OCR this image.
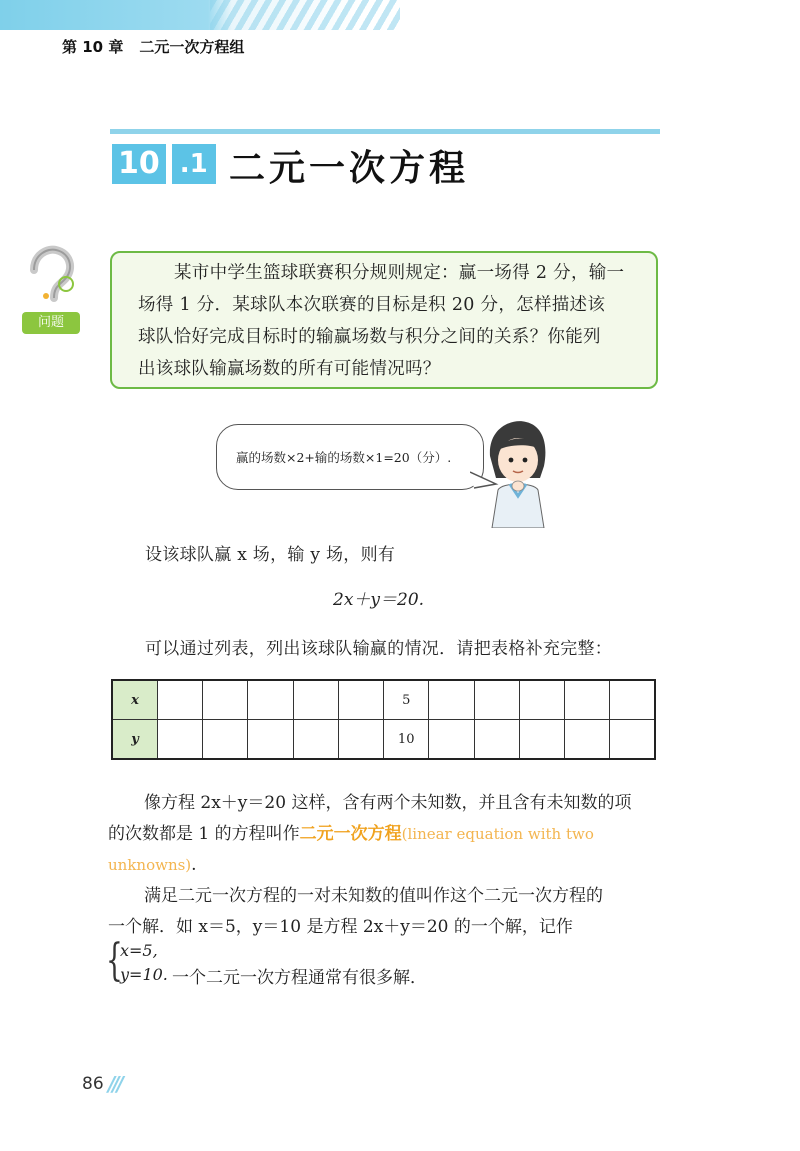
第 10 章 二元一次方程组
10 .1 二元一次方程
问题
某市中学生篮球联赛积分规则规定：赢一场得 2 分，输一
场得 1 分．某球队本次联赛的目标是积 20 分，怎样描述该
球队恰好完成目标时的输赢场数与积分之间的关系？你能列
出该球队输赢场数的所有可能情况吗？
赢的场数×2+输的场数×1=20（分）.
设该球队赢 x 场，输 y 场，则有
2x＋y＝20.
可以通过列表，列出该球队输赢的情况．请把表格补充完整：
x						5					
y						10					
像方程 2x＋y＝20 这样，含有两个未知数，并且含有未知数的项
的次数都是 1 的方程叫作二元一次方程(linear equation with two
unknowns).
满足二元一次方程的一对未知数的值叫作这个二元一次方程的
一个解．如 x＝5，y＝10 是方程 2x＋y＝20 的一个解，记作
{
x=5,
y=10. 一个二元一次方程通常有很多解．
86 ///
